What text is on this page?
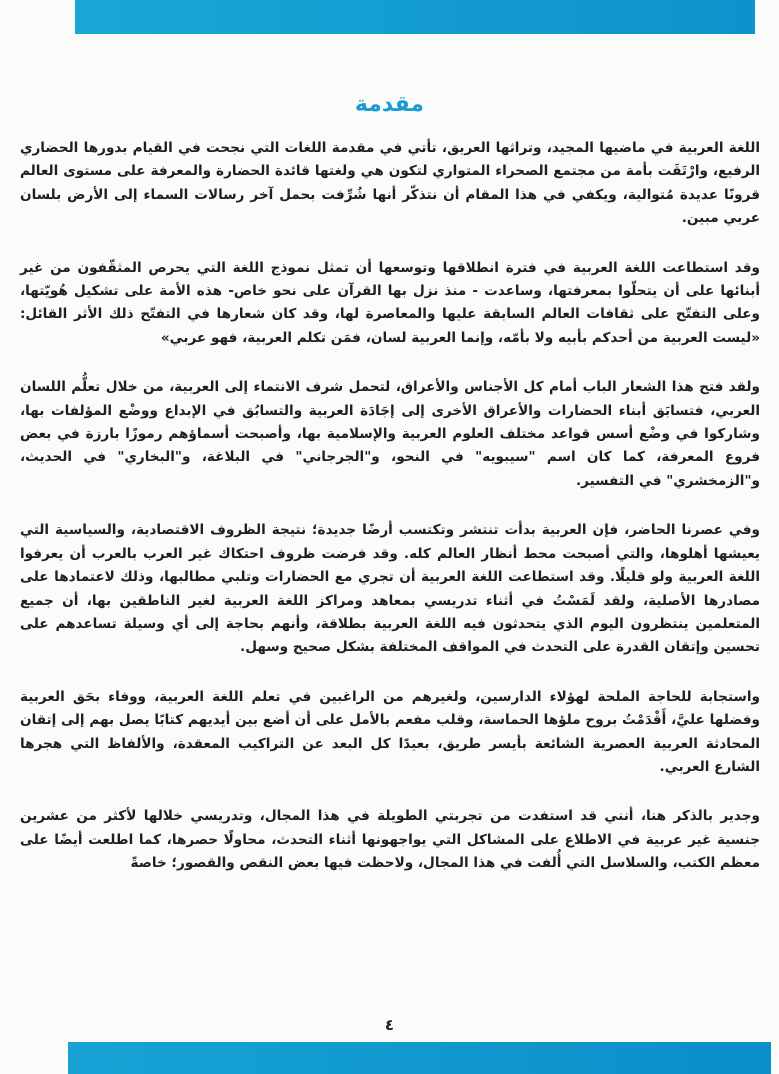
مقدمة

اللغة العربية في ماضيها المجيد، وتراثها العريق، تأتي في مقدمة اللغات التي نجحت في القيام بدورها الحضاري الرفيع، وارْتَقَت بأمة من مجتمع الصحراء المتواري لتكون هي ولغتها قائدة الحضارة والمعرفة على مستوى العالم قرونًا عديدة مُتوالية، ويكفي في هذا المقام أن نتذكّر أنها شُرِّفت بحمل آخر رسالات السماء إلى الأرض بلسان عربي مبين.

وقد استطاعت اللغة العربية في فترة انطلاقها وتوسعها أن تمثل نموذج اللغة التي يحرص المثقّفون من غير أبنائها على أن يتحلّوا بمعرفتها، وساعدت - منذ نزل بها القرآن على نحو خاص- هذه الأمة على تشكيل هُويّتها، وعلى التفتّح على ثقافات العالم السابقة عليها والمعاصرة لها، وقد كان شعارها في التفتّح ذلك الأثر القائل: «ليست العربية من أحدكم بأبيه ولا بأمّه، وإنما العربية لسان، فمَن تكلم العربية، فهو عربي»

ولقد فتح هذا الشعار الباب أمام كل الأجناس والأعراق، لتحمل شرف الانتماء إلى العربية، من خلال تعلُّم اللسان العربي، فتسابَق أبناء الحضارات والأعراق الأخرى إلى إجَادَة العربية والتسابُق في الإبداع ووضْع المؤلفات بها، وشاركوا في وضْع أسس قواعد مختلف العلوم العربية والإسلامية بها، وأصبحت أسماؤهم رموزًا بارزة في بعض فروع المعرفة، كما كان اسم "سيبويه" في النحو، و"الجرجاني" في البلاغة، و"البخاري" في الحديث، و"الزمخشري" في التفسير.

وفي عصرنا الحاضر، فإن العربية بدأت تنتشر وتكتسب أرضًا جديدة؛ نتيجة الظروف الاقتصادية، والسياسية التي يعيشها أهلوها، والتي أصبحت محط أنظار العالم كله. وقد فرضت ظروف احتكاك غير العرب بالعرب أن يعرفوا اللغة العربية ولو قليلًا. وقد استطاعت اللغة العربية أن تجري مع الحضارات وتلبي مطالبها، وذلك لاعتمادها على مصادرها الأصلية، ولقد لَمَسْتُ في أثناء تدريسي بمعاهد ومراكز اللغة العربية لغير الناطقين بها، أن جميع المتعلمين ينتظرون اليوم الذي يتحدثون فيه اللغة العربية بطلاقة، وأنهم بحاجة إلى أي وسيلة تساعدهم على تحسين وإتقان القدرة على التحدث في المواقف المختلفة بشكل صحيح وسهل.

واستجابة للحاجة الملحة لهؤلاء الدارسين، ولغيرهم من الراغبين في تعلم اللغة العربية، ووفاء بحَق العربية وفضلها عليَّ، أَقْدَمْتُ بروح ملؤها الحماسة، وقلب مفعم بالأمل على أن أضع بين أيديهم كتابًا يصل بهم إلى إتقان المحادثة العربية العصرية الشائعة بأيسر طريق، بعيدًا كل البعد عن التراكيب المعقدة، والألفاظ التي هجرها الشارع العربي.

وجدير بالذكر هنا، أنني قد استفدت من تجربتي الطويلة في هذا المجال، وتدريسي خلالها لأكثر من عشرين جنسية غير عربية في الاطلاع على المشاكل التي يواجهونها أثناء التحدث، محاولًا حصرها، كما اطلعت أيضًا على معظم الكتب، والسلاسل التي أُلفت في هذا المجال، ولاحظت فيها بعض النقص والقصور؛ خاصةً

٤
